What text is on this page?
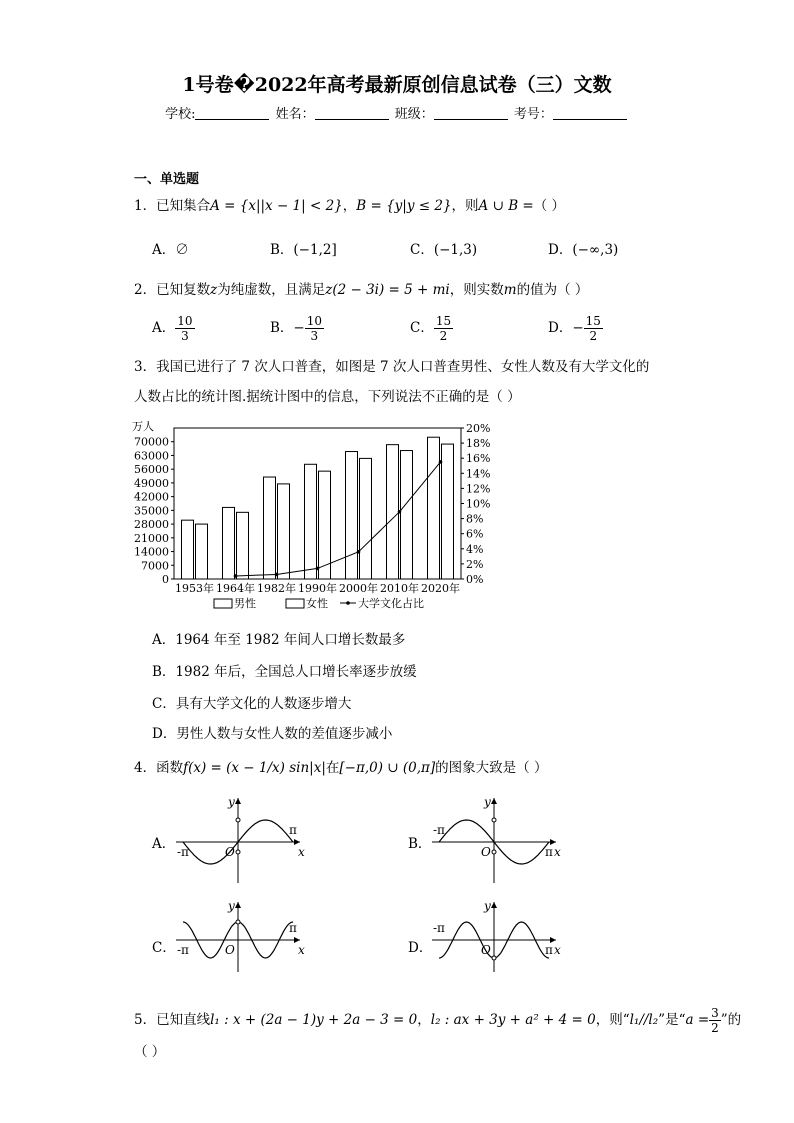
1号卷�2022年高考最新原创信息试卷（三）文数
学校:	姓名：	班级：	考号：
一、单选题
1．已知集合A = {x||x − 1| < 2}，B = {y|y ≤ 2}，则A ∪ B =（ ）
A．∅	B．(−1,2]	C．(−1,3)	D．(−∞,3)
2．已知复数z为纯虚数，且满足z(2 − 3i) = 5 + mi，则实数m的值为（ ）
A． $\frac{10}{3}$	B．− $\frac{10}{3}$	C． $\frac{15}{2}$	D．− $\frac{15}{2}$
3．我国已进行了 7 次人口普查，如图是 7 次人口普查男性、女性人数及有大学文化的
人数占比的统计图.据统计图中的信息，下列说法不正确的是（ ）
0
7000
14000
21000
28000
35000
42000
49000
56000
63000
70000
0%
2%
4%
6%
8%
10%
12%
14%
16%
18%
20%
万人
1953年 1964年 1982年 1990年 2000年 2010年 2020年
男性	女性	大学文化占比
A．1964 年至 1982 年间人口增长数最多
B．1982 年后，全国总人口增长率逐步放缓
C．具有大学文化的人数逐步增大
D．男性人数与女性人数的差值逐步减小
4．函数f(x) = (x − 1/x) sin|x|在[−π,0) ∪ (0,π]的图象大致是（ ）
A．	B．
C．	D．
y
x
O
-π
π
y
x
O
-π
π
y
x
O
-π
π
y
x
O
-π
π
5．已知直线l₁ : x + (2a − 1)y + 2a − 3 = 0，l₂ : ax + 3y + a² + 4 = 0，则“l₁//l₂”是“$a = \frac{3}{2}$ ”的
（ ）
